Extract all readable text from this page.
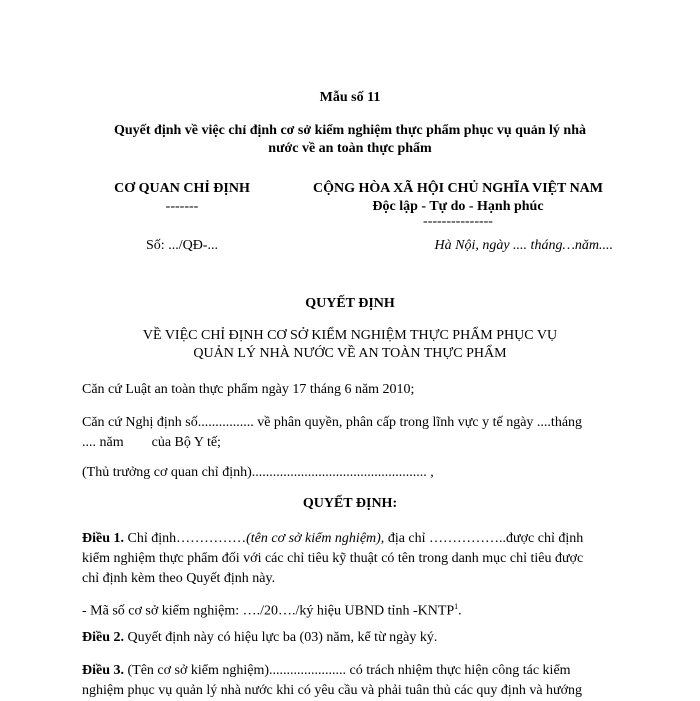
Mẫu số 11
Quyết định về việc chỉ định cơ sở kiểm nghiệm thực phẩm phục vụ quản lý nhà
nước về an toàn thực phẩm
CƠ QUAN CHỈ ĐỊNH
-------
Số: .../QĐ-...
CỘNG HÒA XÃ HỘI CHỦ NGHĨA VIỆT NAM
Độc lập - Tự do - Hạnh phúc
---------------
Hà Nội, ngày .... tháng…năm....
QUYẾT ĐỊNH
VỀ VIỆC CHỈ ĐỊNH CƠ SỞ KIỂM NGHIỆM THỰC PHẨM PHỤC VỤ
QUẢN LÝ NHÀ NƯỚC VỀ AN TOÀN THỰC PHẨM
Căn cứ Luật an toàn thực phẩm ngày 17 tháng 6 năm 2010;
Căn cứ Nghị định số................ về phân quyền, phân cấp trong lĩnh vực y tế ngày ....tháng
.... năm        của Bộ Y tế;
(Thủ trưởng cơ quan chỉ định).................................................. ,
QUYẾT ĐỊNH:
Điều 1. Chỉ định……………(tên cơ sở kiểm nghiệm), địa chỉ ……………..được chỉ định
kiểm nghiệm thực phẩm đối với các chỉ tiêu kỹ thuật có tên trong danh mục chỉ tiêu được
chỉ định kèm theo Quyết định này.
- Mã số cơ sở kiểm nghiệm: …./20…./ký hiệu UBND tỉnh -KNTP$^1$.
Điều 2. Quyết định này có hiệu lực ba (03) năm, kể từ ngày ký.
Điều 3. (Tên cơ sở kiểm nghiệm)...................... có trách nhiệm thực hiện công tác kiểm
nghiệm phục vụ quản lý nhà nước khi có yêu cầu và phải tuân thủ các quy định và hướng
